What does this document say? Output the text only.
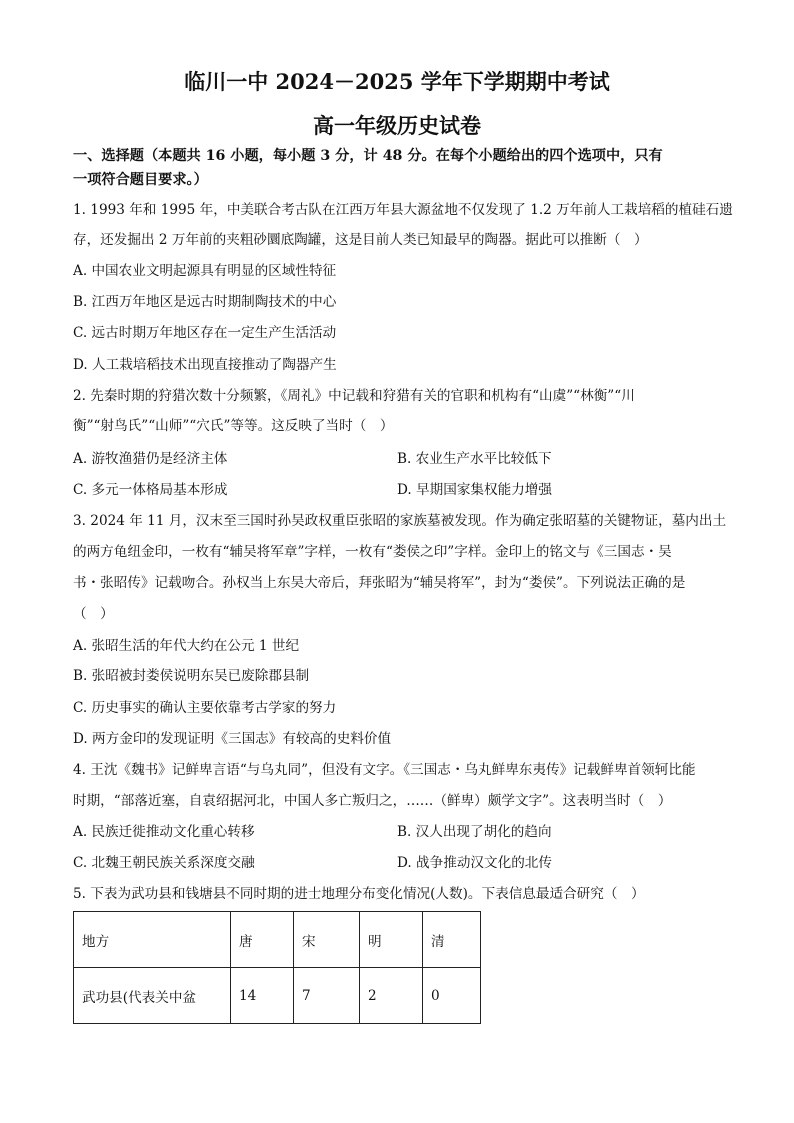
临川一中 2024－2025 学年下学期期中考试
高一年级历史试卷
一、选择题（本题共 16 小题，每小题 3 分，计 48 分。在每个小题给出的四个选项中，只有
一项符合题目要求。）
1. 1993 年和 1995 年，中美联合考古队在江西万年县大源盆地不仅发现了 1.2 万年前人工栽培稻的植硅石遗
存，还发掘出 2 万年前的夹粗砂圜底陶罐，这是目前人类已知最早的陶器。据此可以推断（　）
A. 中国农业文明起源具有明显的区域性特征
B. 江西万年地区是远古时期制陶技术的中心
C. 远古时期万年地区存在一定生产生活活动
D. 人工栽培稻技术出现直接推动了陶器产生
2. 先秦时期的狩猎次数十分频繁，《周礼》中记载和狩猎有关的官职和机构有“山虞”“林衡”“川
衡”“射鸟氏”“山师”“穴氏”等等。这反映了当时（　）
A. 游牧渔猎仍是经济主体	B. 农业生产水平比较低下
C. 多元一体格局基本形成	D. 早期国家集权能力增强
3. 2024 年 11 月，汉末至三国时孙吴政权重臣张昭的家族墓被发现。作为确定张昭墓的关键物证，墓内出土
的两方龟纽金印，一枚有“辅吴将军章”字样，一枚有“娄侯之印”字样。金印上的铭文与《三国志・吴
书・张昭传》记载吻合。孙权当上东吴大帝后，拜张昭为“辅吴将军”，封为“娄侯”。下列说法正确的是
（　）
A. 张昭生活的年代大约在公元 1 世纪
B. 张昭被封娄侯说明东吴已废除郡县制
C. 历史事实的确认主要依靠考古学家的努力
D. 两方金印的发现证明《三国志》有较高的史料价值
4. 王沈《魏书》记鲜卑言语“与乌丸同”，但没有文字。《三国志・乌丸鲜卑东夷传》记载鲜卑首领轲比能
时期，“部落近塞，自袁绍据河北，中国人多亡叛归之，……（鲜卑）颇学文字”。这表明当时（　）
A. 民族迁徙推动文化重心转移	B. 汉人出现了胡化的趋向
C. 北魏王朝民族关系深度交融	D. 战争推动汉文化的北传
5. 下表为武功县和钱塘县不同时期的进士地理分布变化情况(人数)。下表信息最适合研究（　）
地方	唐	宋	明	清
武功县(代表关中盆	14	7	2	0
